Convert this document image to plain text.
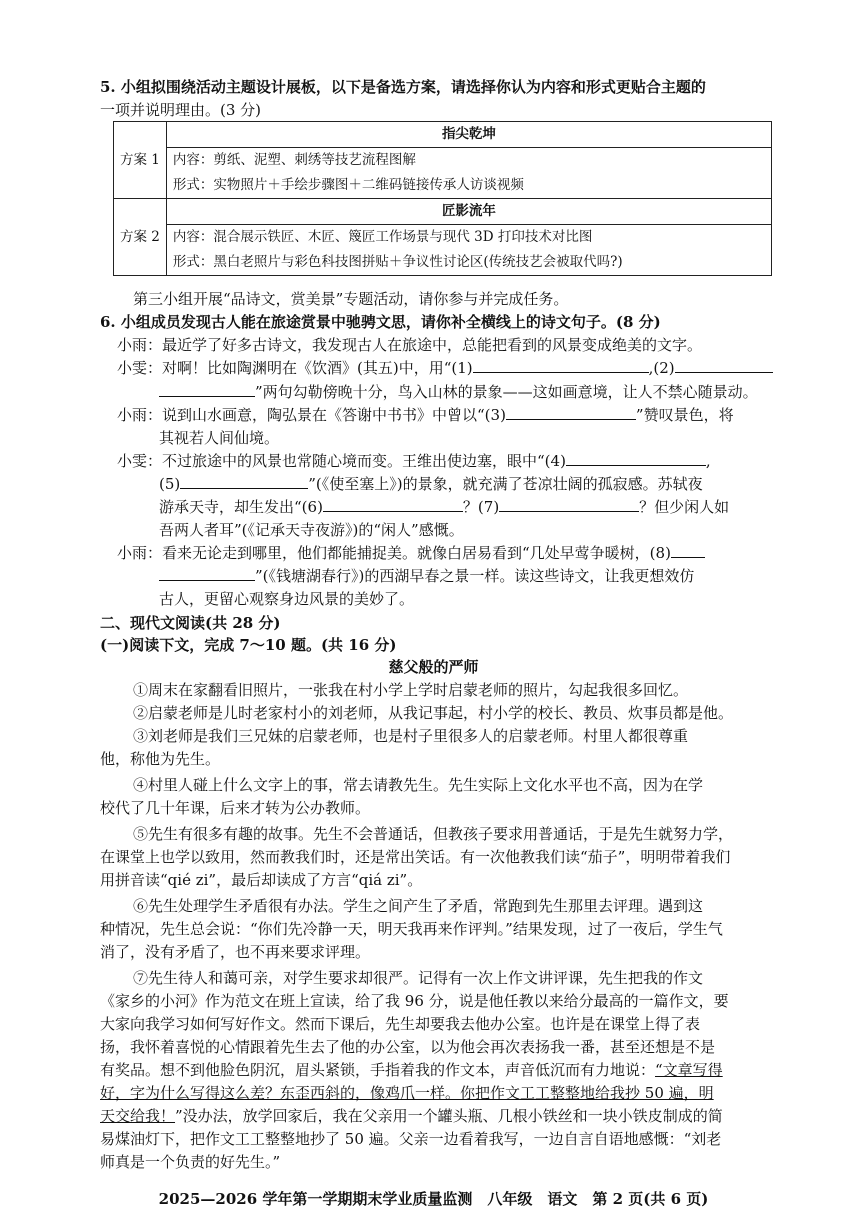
5. 小组拟围绕活动主题设计展板，以下是备选方案，请选择你认为内容和形式更贴合主题的
一项并说明理由。(3 分)
方案 1	指尖乾坤
	内容：剪纸、泥塑、刺绣等技艺流程图解
	形式：实物照片＋手绘步骤图＋二维码链接传承人访谈视频
方案 2	匠影流年
	内容：混合展示铁匠、木匠、篾匠工作场景与现代 3D 打印技术对比图
	形式：黑白老照片与彩色科技图拼贴＋争议性讨论区(传统技艺会被取代吗?)
第三小组开展“品诗文，赏美景”专题活动，请你参与并完成任务。
6. 小组成员发现古人能在旅途赏景中驰骋文思，请你补全横线上的诗文句子。(8 分)
小雨：最近学了好多古诗文，我发现古人在旅途中，总能把看到的风景变成绝美的文字。
小雯：对啊！比如陶渊明在《饮酒》(其五)中，用“(1)	,(2)
”两句勾勒傍晚十分，鸟入山林的景象——这如画意境，让人不禁心随景动。
小雨：说到山水画意，陶弘景在《答谢中书书》中曾以“(3)	”赞叹景色，将
其视若人间仙境。
小雯：不过旅途中的风景也常随心境而变。王维出使边塞，眼中“(4)	,
(5)	”(《使至塞上》)的景象，就充满了苍凉壮阔的孤寂感。苏轼夜
游承天寺，却生发出“(6)	？(7)	？但少闲人如
吾两人者耳”(《记承天寺夜游》)的“闲人”感慨。
小雨：看来无论走到哪里，他们都能捕捉美。就像白居易看到“几处早莺争暖树，(8)
”(《钱塘湖春行》)的西湖早春之景一样。读这些诗文，让我更想效仿
古人，更留心观察身边风景的美妙了。
二、现代文阅读(共 28 分)
(一)阅读下文，完成 7～10 题。(共 16 分)
慈父般的严师
①周末在家翻看旧照片，一张我在村小学上学时启蒙老师的照片，勾起我很多回忆。
②启蒙老师是儿时老家村小的刘老师，从我记事起，村小学的校长、教员、炊事员都是他。
③刘老师是我们三兄妹的启蒙老师，也是村子里很多人的启蒙老师。村里人都很尊重
他，称他为先生。
④村里人碰上什么文字上的事，常去请教先生。先生实际上文化水平也不高，因为在学
校代了几十年课，后来才转为公办教师。
⑤先生有很多有趣的故事。先生不会普通话，但教孩子要求用普通话，于是先生就努力学，
在课堂上也学以致用，然而教我们时，还是常出笑话。有一次他教我们读“茄子”，明明带着我们
用拼音读“qié zi”，最后却读成了方言“qiá zi”。
⑥先生处理学生矛盾很有办法。学生之间产生了矛盾，常跑到先生那里去评理。遇到这
种情况，先生总会说：“你们先冷静一天，明天我再来作评判。”结果发现，过了一夜后，学生气
消了，没有矛盾了，也不再来要求评理。
⑦先生待人和蔼可亲，对学生要求却很严。记得有一次上作文讲评课，先生把我的作文
《家乡的小河》作为范文在班上宣读，给了我 96 分，说是他任教以来给分最高的一篇作文，要
大家向我学习如何写好作文。然而下课后，先生却要我去他办公室。也许是在课堂上得了表
扬，我怀着喜悦的心情跟着先生去了他的办公室，以为他会再次表扬我一番，甚至还想是不是
有奖品。想不到他脸色阴沉，眉头紧锁，手指着我的作文本，声音低沉而有力地说：“文章写得
好，字为什么写得这么差？东歪西斜的，像鸡爪一样。你把作文工工整整地给我抄 50 遍，明
天交给我！”没办法，放学回家后，我在父亲用一个罐头瓶、几根小铁丝和一块小铁皮制成的简
易煤油灯下，把作文工工整整地抄了 50 遍。父亲一边看着我写，一边自言自语地感慨：“刘老
师真是一个负责的好先生。”
2025—2026 学年第一学期期末学业质量监测　八年级　语文　第 2 页(共 6 页)
